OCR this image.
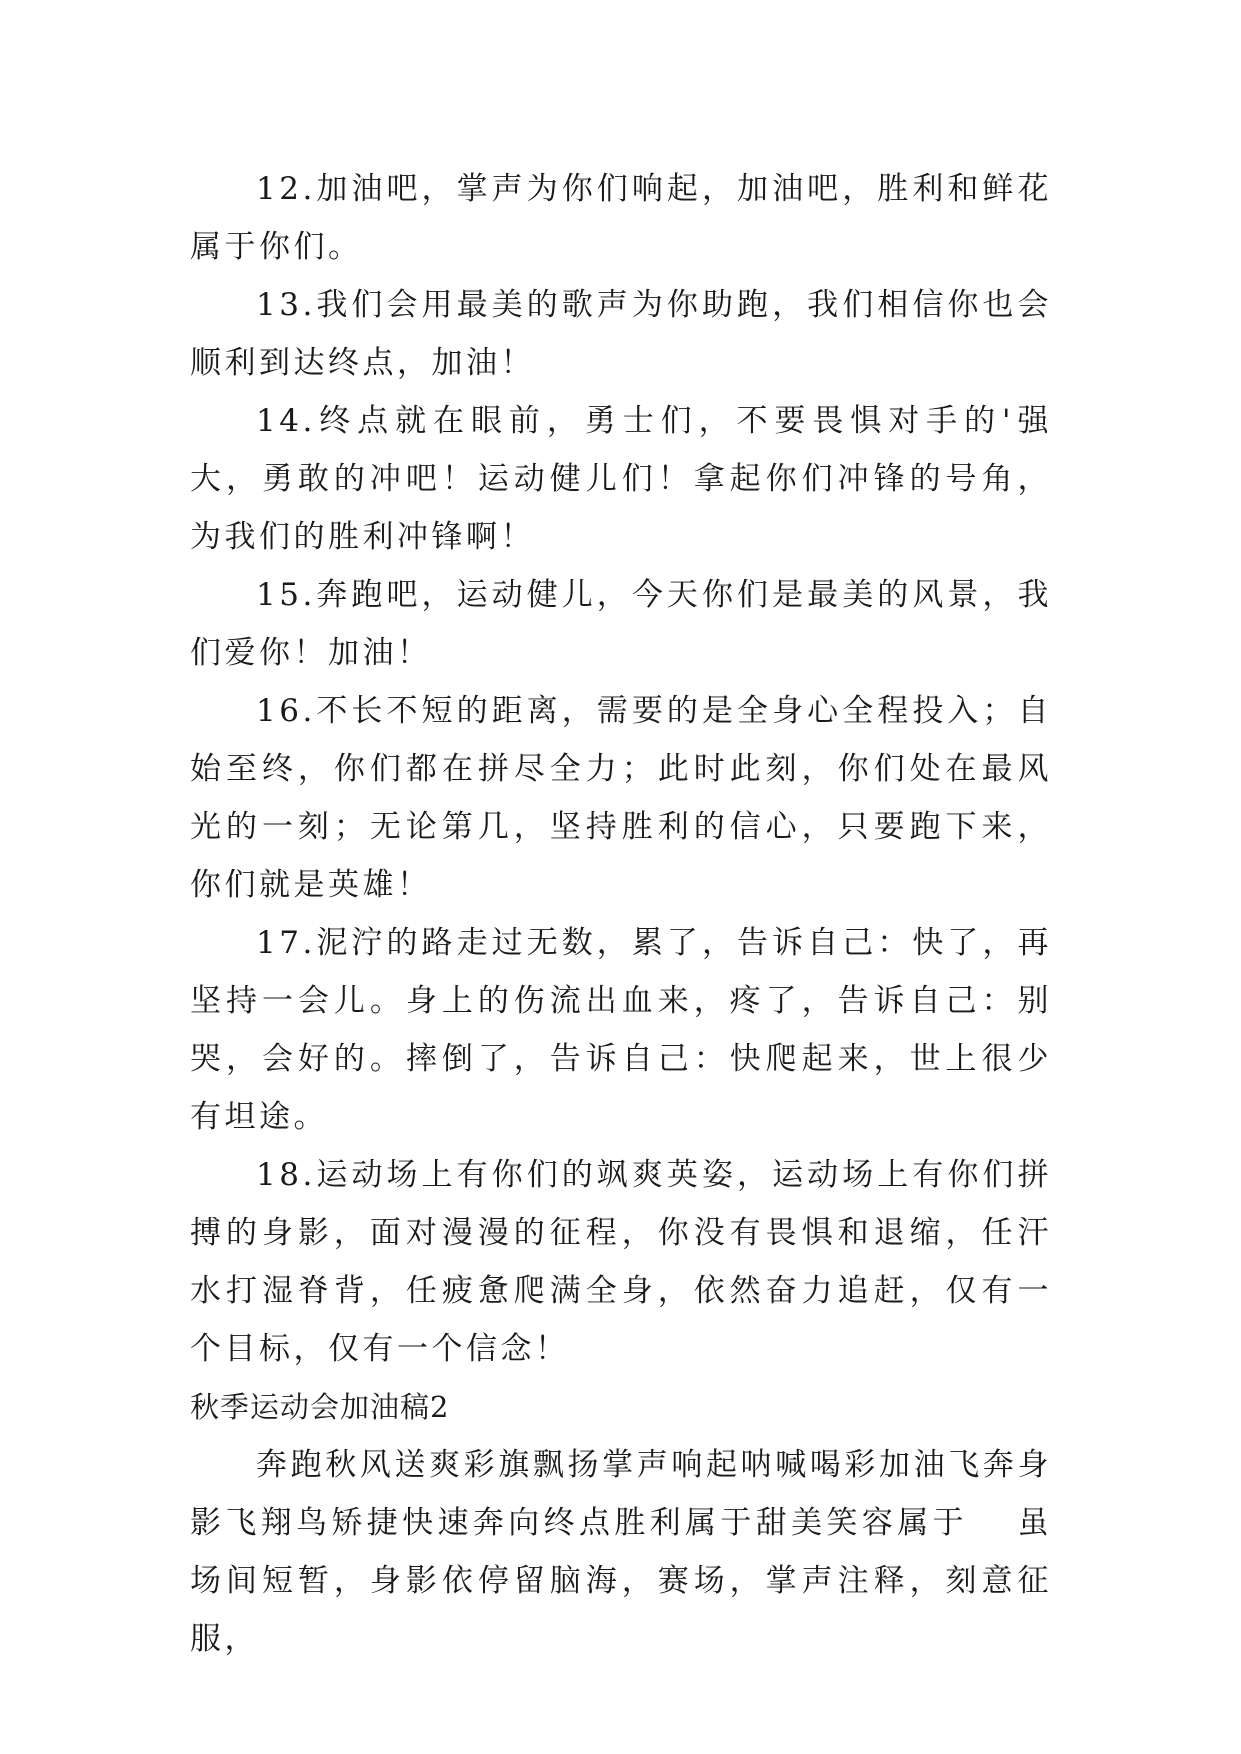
12.加油吧，掌声为你们响起，加油吧，胜利和鲜花属于你们。

13.我们会用最美的歌声为你助跑，我们相信你也会顺利到达终点，加油！

14.终点就在眼前，勇士们，不要畏惧对手的'强大，勇敢的冲吧！运动健儿们！拿起你们冲锋的号角，为我们的胜利冲锋啊！

15.奔跑吧，运动健儿，今天你们是最美的风景，我们爱你！加油！

16.不长不短的距离，需要的是全身心全程投入；自始至终，你们都在拼尽全力；此时此刻，你们处在最风光的一刻；无论第几，坚持胜利的信心，只要跑下来，你们就是英雄！

17.泥泞的路走过无数，累了，告诉自己：快了，再坚持一会儿。身上的伤流出血来，疼了，告诉自己：别哭，会好的。摔倒了，告诉自己：快爬起来，世上很少有坦途。

18.运动场上有你们的飒爽英姿，运动场上有你们拼搏的身影，面对漫漫的征程，你没有畏惧和退缩，任汗水打湿脊背，任疲惫爬满全身，依然奋力追赶，仅有一个目标，仅有一个信念！

秋季运动会加油稿2

奔跑秋风送爽彩旗飘扬掌声响起呐喊喝彩加油飞奔身影飞翔鸟矫捷快速奔向终点胜利属于甜美笑容属于　 虽场间短暂，身影依停留脑海，赛场，掌声注释，刻意征服，
